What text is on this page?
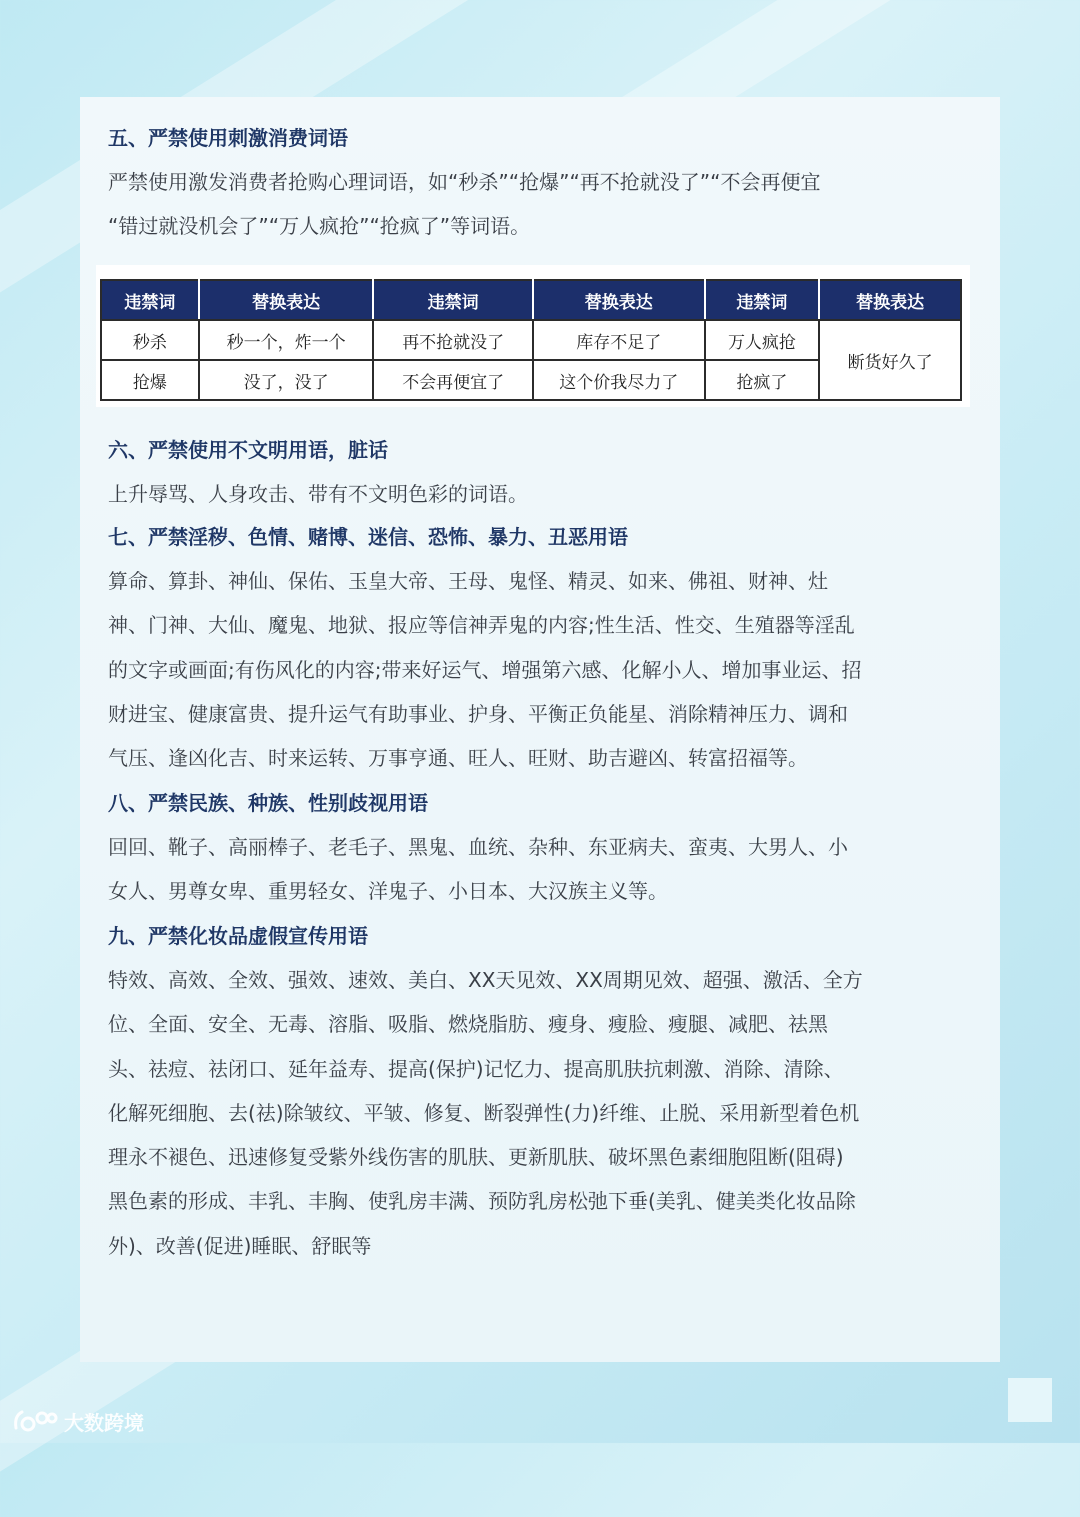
五、严禁使用刺激消费词语
严禁使用激发消费者抢购心理词语，如“秒杀”“抢爆”“再不抢就没了”“不会再便宜
“错过就没机会了”“万人疯抢”“抢疯了”等词语。
违禁词	替换表达	违禁词	替换表达	违禁词	替换表达
秒杀	秒一个，炸一个	再不抢就没了	库存不足了	万人疯抢	断货好久了
抢爆	没了，没了	不会再便宜了	这个价我尽力了	抢疯了	
六、严禁使用不文明用语，脏话
上升辱骂、人身攻击、带有不文明色彩的词语。
七、严禁淫秽、色情、赌博、迷信、恐怖、暴力、丑恶用语
算命、算卦、神仙、保佑、玉皇大帝、王母、鬼怪、精灵、如来、佛祖、财神、灶
神、门神、大仙、魔鬼、地狱、报应等信神弄鬼的内容;性生活、性交、生殖器等淫乱
的文字或画面;有伤风化的内容;带来好运气、增强第六感、化解小人、增加事业运、招
财进宝、健康富贵、提升运气有助事业、护身、平衡正负能星、消除精神压力、调和
气压、逢凶化吉、时来运转、万事亨通、旺人、旺财、助吉避凶、转富招福等。
八、严禁民族、种族、性别歧视用语
回回、靴子、高丽棒子、老毛子、黑鬼、血统、杂种、东亚病夫、蛮夷、大男人、小
女人、男尊女卑、重男轻女、洋鬼子、小日本、大汉族主义等。
九、严禁化妆品虚假宣传用语
特效、高效、全效、强效、速效、美白、XX天见效、XX周期见效、超强、激活、全方
位、全面、安全、无毒、溶脂、吸脂、燃烧脂肪、瘦身、瘦脸、瘦腿、减肥、祛黑
头、祛痘、祛闭口、延年益寿、提高(保护)记忆力、提高肌肤抗刺激、消除、清除、
化解死细胞、去(祛)除皱纹、平皱、修复、断裂弹性(力)纤维、止脱、采用新型着色机
理永不褪色、迅速修复受紫外线伤害的肌肤、更新肌肤、破坏黑色素细胞阻断(阻碍)
黑色素的形成、丰乳、丰胸、使乳房丰满、预防乳房松弛下垂(美乳、健美类化妆品除
外)、改善(促进)睡眠、舒眠等
大数跨境
